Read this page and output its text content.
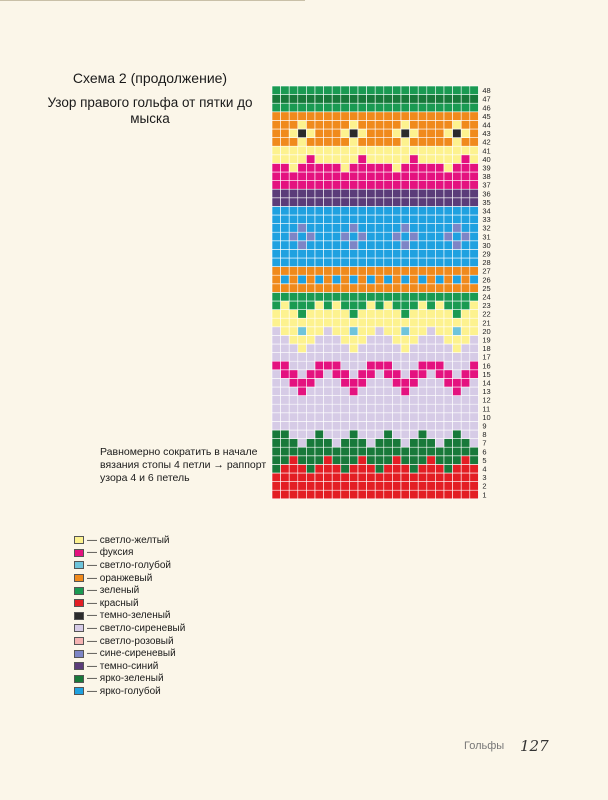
Схема 2 (продолжение)
Узор правого гольфа от пятки до мыска
1
2
3
4
5
6
7
8
9
10
11
12
13
14
15
16
17
18
19
20
21
22
23
24
25
26
27
28
29
30
31
32
33
34
35
36
37
38
39
40
41
42
43
44
45
46
47
48
Равномерно сократить в начале вязания стопы 4 петли → раппорт узора 4 и 6 петель
— светло-желтый
— фуксия
— светло-голубой
— оранжевый
— зеленый
— красный
— темно-зеленый
— светло-сиреневый
— светло-розовый
— сине-сиреневый
— темно-синий
— ярко-зеленый
— ярко-голубой
Гольфы 127
